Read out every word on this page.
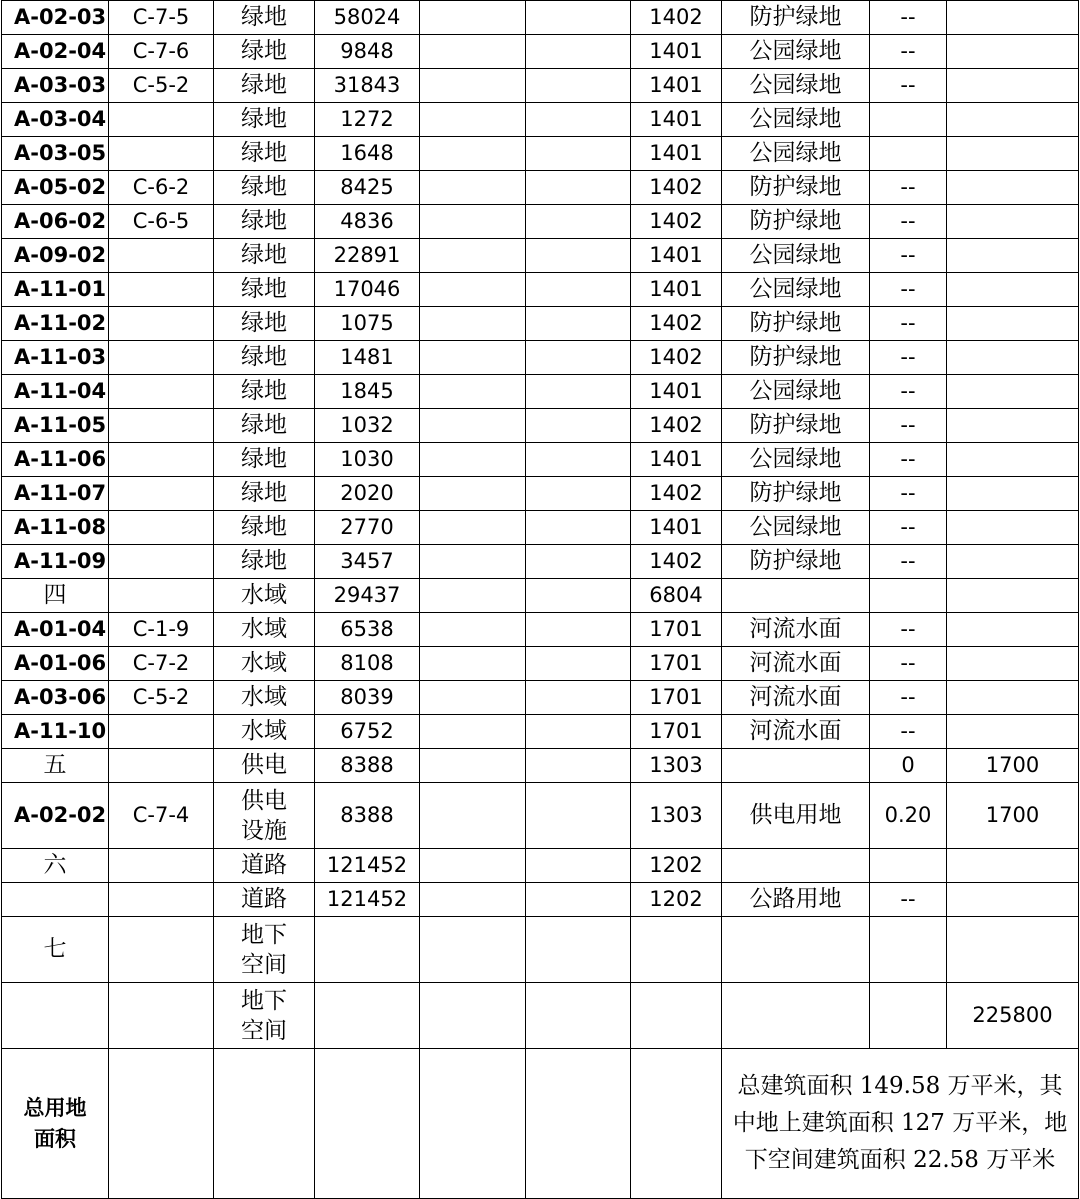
A-02-03	C-7-5	绿地	58024			1402	防护绿地	--	
A-02-04	C-7-6	绿地	9848			1401	公园绿地	--	
A-03-03	C-5-2	绿地	31843			1401	公园绿地	--	
A-03-04		绿地	1272			1401	公园绿地		
A-03-05		绿地	1648			1401	公园绿地		
A-05-02	C-6-2	绿地	8425			1402	防护绿地	--	
A-06-02	C-6-5	绿地	4836			1402	防护绿地	--	
A-09-02		绿地	22891			1401	公园绿地	--	
A-11-01		绿地	17046			1401	公园绿地	--	
A-11-02		绿地	1075			1402	防护绿地	--	
A-11-03		绿地	1481			1402	防护绿地	--	
A-11-04		绿地	1845			1401	公园绿地	--	
A-11-05		绿地	1032			1402	防护绿地	--	
A-11-06		绿地	1030			1401	公园绿地	--	
A-11-07		绿地	2020			1402	防护绿地	--	
A-11-08		绿地	2770			1401	公园绿地	--	
A-11-09		绿地	3457			1402	防护绿地	--	
四		水域	29437			6804			
A-01-04	C-1-9	水域	6538			1701	河流水面	--	
A-01-06	C-7-2	水域	8108			1701	河流水面	--	
A-03-06	C-5-2	水域	8039			1701	河流水面	--	
A-11-10		水域	6752			1701	河流水面	--	
五		供电	8388			1303		0	1700
A-02-02	C-7-4	供电设施	8388			1303	供电用地	0.20	1700
六		道路	121452			1202			
		道路	121452			1202	公路用地	--	
七		地下空间							
		地下空间							225800
总用地面积							总建筑面积 149.58 万平米，其中地上建筑面积 127 万平米，地下空间建筑面积 22.58 万平米		
